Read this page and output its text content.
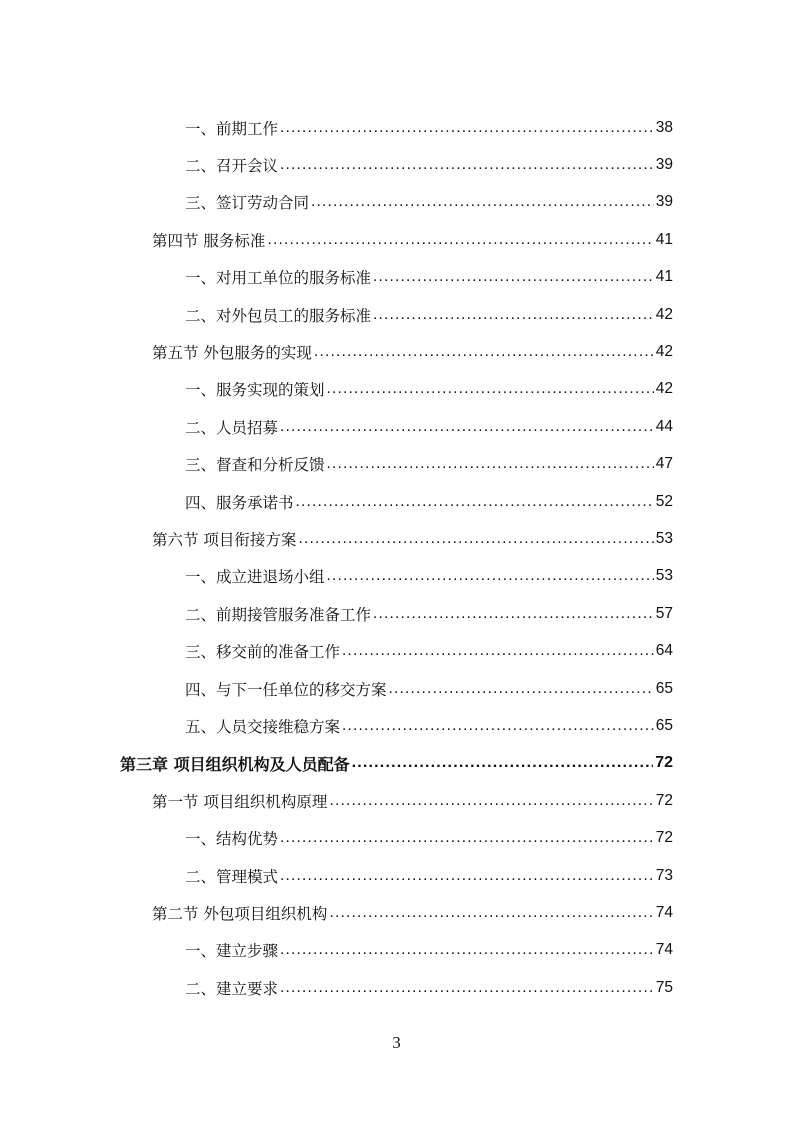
一、前期工作 .....	38
二、召开会议 .....	39
三、签订劳动合同 .....	39
第四节 服务标准 .....	41
一、对用工单位的服务标准 .....	41
二、对外包员工的服务标准 .....	42
第五节 外包服务的实现 .....	42
一、服务实现的策划 .....	42
二、人员招募 .....	44
三、督查和分析反馈 .....	47
四、服务承诺书 .....	52
第六节 项目衔接方案 .....	53
一、成立进退场小组 .....	53
二、前期接管服务准备工作 .....	57
三、移交前的准备工作 .....	64
四、与下一任单位的移交方案 .....	65
五、人员交接维稳方案 .....	65
第三章 项目组织机构及人员配备 .....	72
第一节 项目组织机构原理 .....	72
一、结构优势 .....	72
二、管理模式 .....	73
第二节 外包项目组织机构 .....	74
一、建立步骤 .....	74
二、建立要求 .....	75
3
